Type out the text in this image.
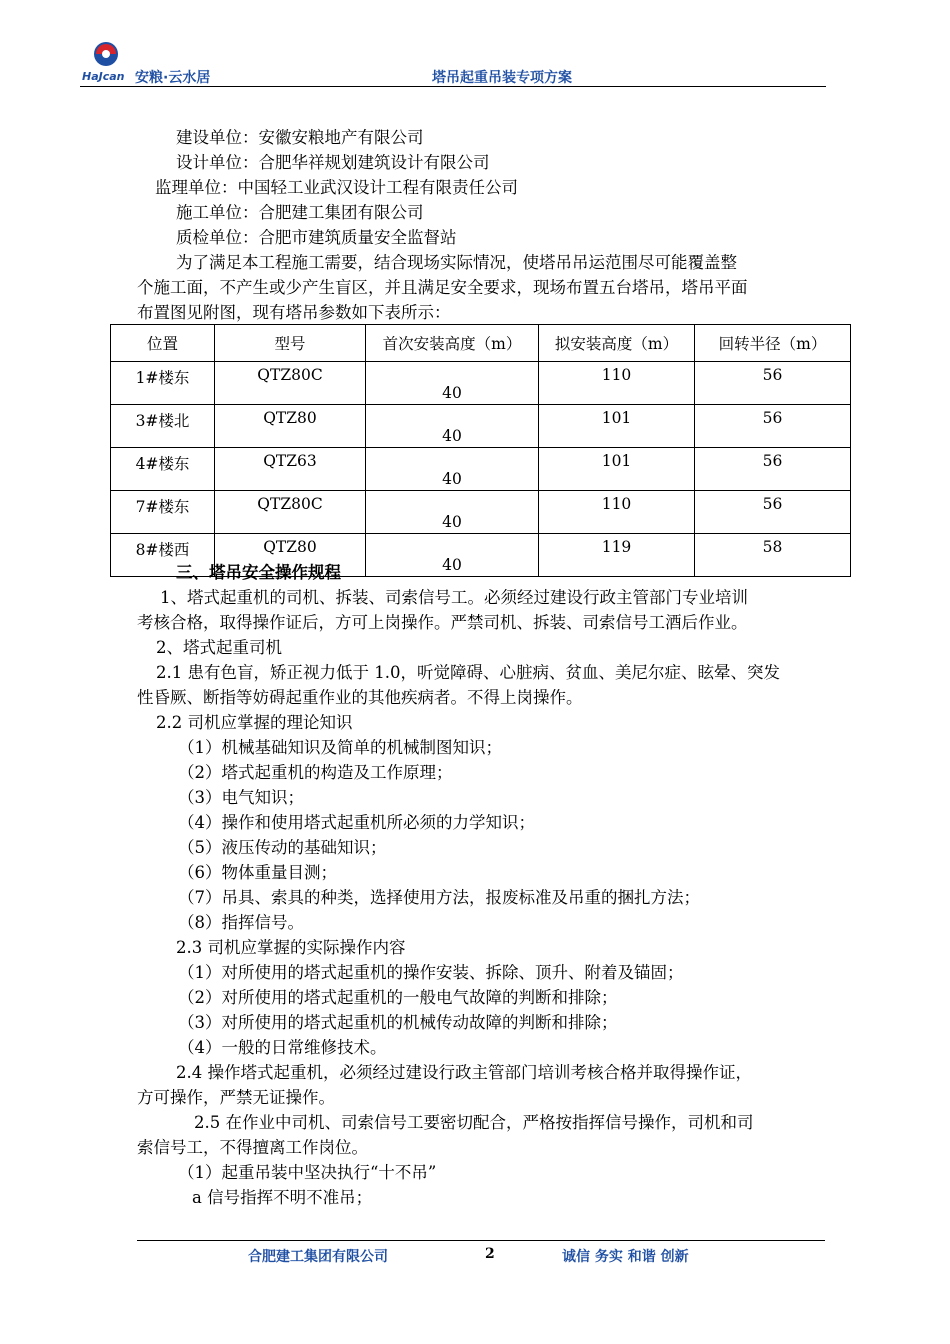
HaJcan 安粮·云水居	塔吊起重吊装专项方案
建设单位：安徽安粮地产有限公司
设计单位：合肥华祥规划建筑设计有限公司
监理单位：中国轻工业武汉设计工程有限责任公司
施工单位：合肥建工集团有限公司
质检单位：合肥市建筑质量安全监督站
为了满足本工程施工需要，结合现场实际情况，使塔吊吊运范围尽可能覆盖整
个施工面，不产生或少产生盲区，并且满足安全要求，现场布置五台塔吊，塔吊平面
布置图见附图，现有塔吊参数如下表所示：
位置	型号	首次安装高度（m）	拟安装高度（m）	回转半径（m）
1#楼东	QTZ80C	40	110	56
3#楼北	QTZ80	40	101	56
4#楼东	QTZ63	40	101	56
7#楼东	QTZ80C	40	110	56
8#楼西	QTZ80	40	119	58
三、塔吊安全操作规程
1、塔式起重机的司机、拆装、司索信号工。必须经过建设行政主管部门专业培训
考核合格，取得操作证后，方可上岗操作。严禁司机、拆装、司索信号工酒后作业。
2、塔式起重司机
2.1 患有色盲，矫正视力低于 1.0，听觉障碍、心脏病、贫血、美尼尔症、眩晕、突发
性昏厥、断指等妨碍起重作业的其他疾病者。不得上岗操作。
2.2 司机应掌握的理论知识
（1）机械基础知识及简单的机械制图知识；
（2）塔式起重机的构造及工作原理；
（3）电气知识；
（4）操作和使用塔式起重机所必须的力学知识；
（5）液压传动的基础知识；
（6）物体重量目测；
（7）吊具、索具的种类，选择使用方法，报废标准及吊重的捆扎方法；
（8）指挥信号。
2.3 司机应掌握的实际操作内容
（1）对所使用的塔式起重机的操作安装、拆除、顶升、附着及锚固；
（2）对所使用的塔式起重机的一般电气故障的判断和排除；
（3）对所使用的塔式起重机的机械传动故障的判断和排除；
（4）一般的日常维修技术。
2.4 操作塔式起重机，必须经过建设行政主管部门培训考核合格并取得操作证，
方可操作，严禁无证操作。
2.5 在作业中司机、司索信号工要密切配合，严格按指挥信号操作，司机和司
索信号工，不得擅离工作岗位。
（1）起重吊装中坚决执行“十不吊”
a 信号指挥不明不准吊；
合肥建工集团有限公司	2	诚信 务实 和谐 创新
